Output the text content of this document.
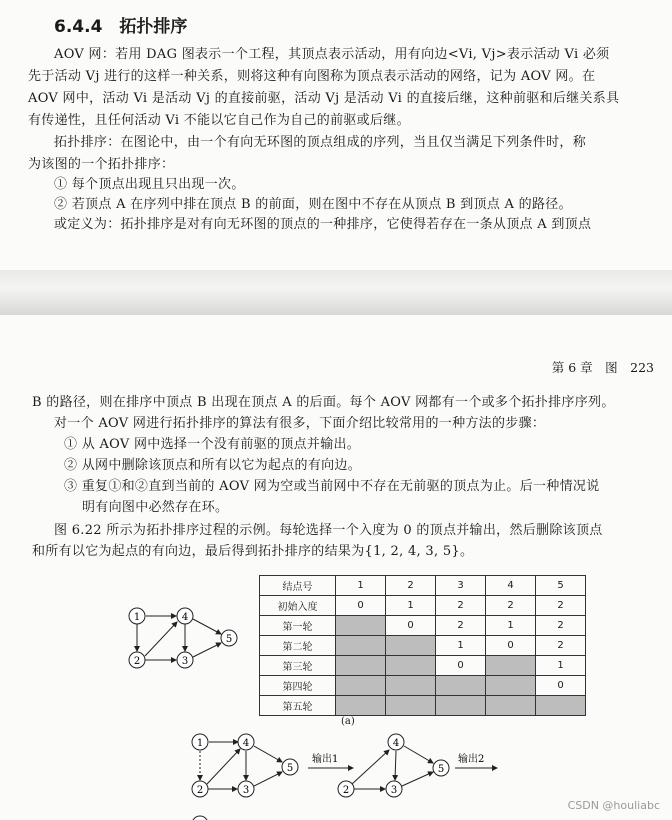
6.4.4　拓扑排序
AOV 网：若用 DAG 图表示一个工程，其顶点表示活动，用有向边<Vi, Vj>表示活动 Vi 必须
先于活动 Vj 进行的这样一种关系，则将这种有向图称为顶点表示活动的网络，记为 AOV 网。在
AOV 网中，活动 Vi 是活动 Vj 的直接前驱，活动 Vj 是活动 Vi 的直接后继，这种前驱和后继关系具
有传递性，且任何活动 Vi 不能以它自己作为自己的前驱或后继。
拓扑排序：在图论中，由一个有向无环图的顶点组成的序列，当且仅当满足下列条件时，称
为该图的一个拓扑排序：
① 每个顶点出现且只出现一次。
② 若顶点 A 在序列中排在顶点 B 的前面，则在图中不存在从顶点 B 到顶点 A 的路径。
或定义为：拓扑排序是对有向无环图的顶点的一种排序，它使得若存在一条从顶点 A 到顶点
第 6 章　图　223
B 的路径，则在排序中顶点 B 出现在顶点 A 的后面。每个 AOV 网都有一个或多个拓扑排序序列。
对一个 AOV 网进行拓扑排序的算法有很多，下面介绍比较常用的一种方法的步骤：
① 从 AOV 网中选择一个没有前驱的顶点并输出。
② 从网中删除该顶点和所有以它为起点的有向边。
③ 重复①和②直到当前的 AOV 网为空或当前网中不存在无前驱的顶点为止。后一种情况说
明有向图中必然存在环。
图 6.22 所示为拓扑排序过程的示例。每轮选择一个入度为 0 的顶点并输出，然后删除该顶点
和所有以它为起点的有向边，最后得到拓扑排序的结果为{1, 2, 4, 3, 5}。
1
2	3
4
5
结点号	1	2	3	4	5
初始入度	0	1	2	2	2
第一轮		0	2	1	2
第二轮			1	0	2
第三轮			0		1
第四轮					0
第五轮					
(a)
1
2	3
4
5
输出1
2	3
4
5
输出2
CSDN @houliabc
